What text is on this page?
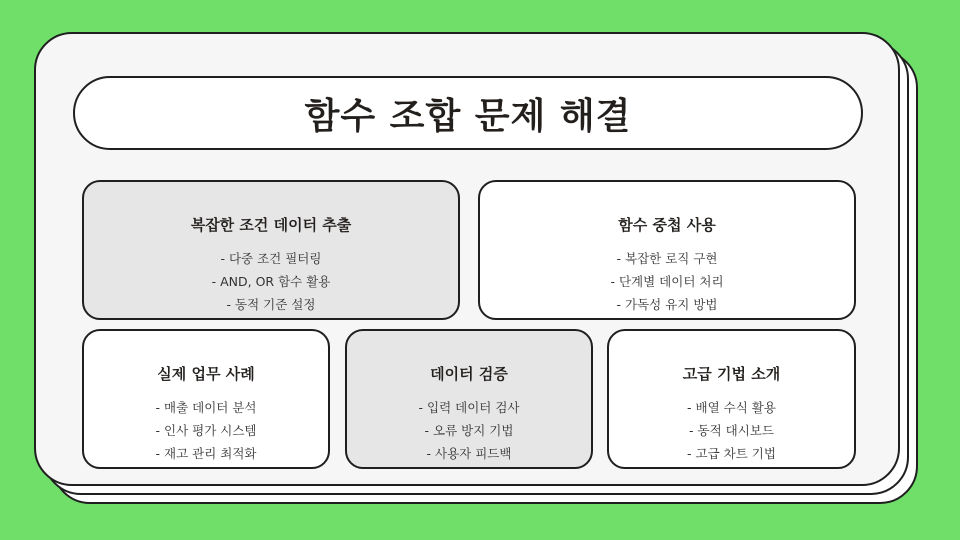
함수 조합 문제 해결
복잡한 조건 데이터 추출
- 다중 조건 필터링
- AND, OR 함수 활용
- 동적 기준 설정
함수 중첩 사용
- 복잡한 로직 구현
- 단계별 데이터 처리
- 가독성 유지 방법
실제 업무 사례
- 매출 데이터 분석
- 인사 평가 시스템
- 재고 관리 최적화
데이터 검증
- 입력 데이터 검사
- 오류 방지 기법
- 사용자 피드백
고급 기법 소개
- 배열 수식 활용
- 동적 대시보드
- 고급 차트 기법
